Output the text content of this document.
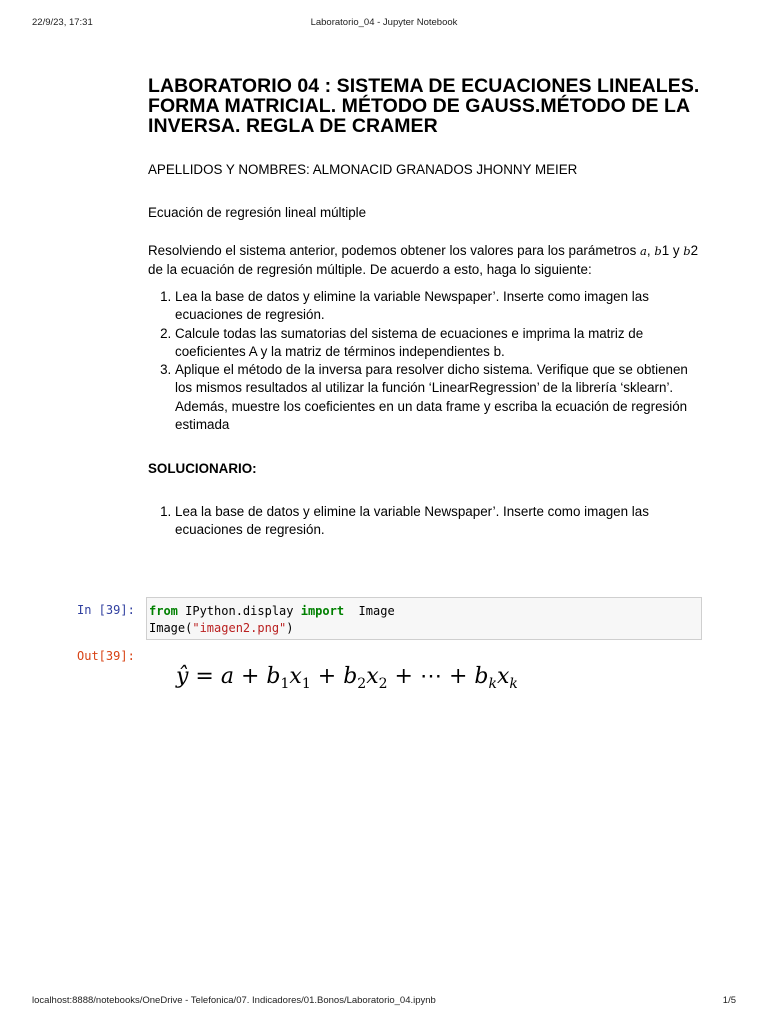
22/9/23, 17:31	Laboratorio_04 - Jupyter Notebook
LABORATORIO 04 : SISTEMA DE ECUACIONES LINEALES. FORMA MATRICIAL. MÉTODO DE GAUSS.MÉTODO DE LA INVERSA. REGLA DE CRAMER

APELLIDOS Y NOMBRES: ALMONACID GRANADOS JHONNY MEIER

Ecuación de regresión lineal múltiple

Resolviendo el sistema anterior, podemos obtener los valores para los parámetros a, b1 y b2 de la ecuación de regresión múltiple. De acuerdo a esto, haga lo siguiente:

1. Lea la base de datos y elimine la variable Newspaper’. Inserte como imagen las ecuaciones de regresión.
2. Calcule todas las sumatorias del sistema de ecuaciones e imprima la matriz de coeficientes A y la matriz de términos independientes b.
3. Aplique el método de la inversa para resolver dicho sistema. Verifique que se obtienen los mismos resultados al utilizar la función ‘LinearRegression’ de la librería ‘sklearn’. Además, muestre los coeficientes en un data frame y escriba la ecuación de regresión estimada

SOLUCIONARIO:

1. Lea la base de datos y elimine la variable Newspaper’. Inserte como imagen las ecuaciones de regresión.
In [39]:	from IPython.display import  Image
Image("imagen2.png")
Out[39]:
ŷ = $a + b_1x_1 + b_2x_2$ + ⋯ + $b_kx_k$
localhost:8888/notebooks/OneDrive - Telefonica/07. Indicadores/01.Bonos/Laboratorio_04.ipynb	1/5
